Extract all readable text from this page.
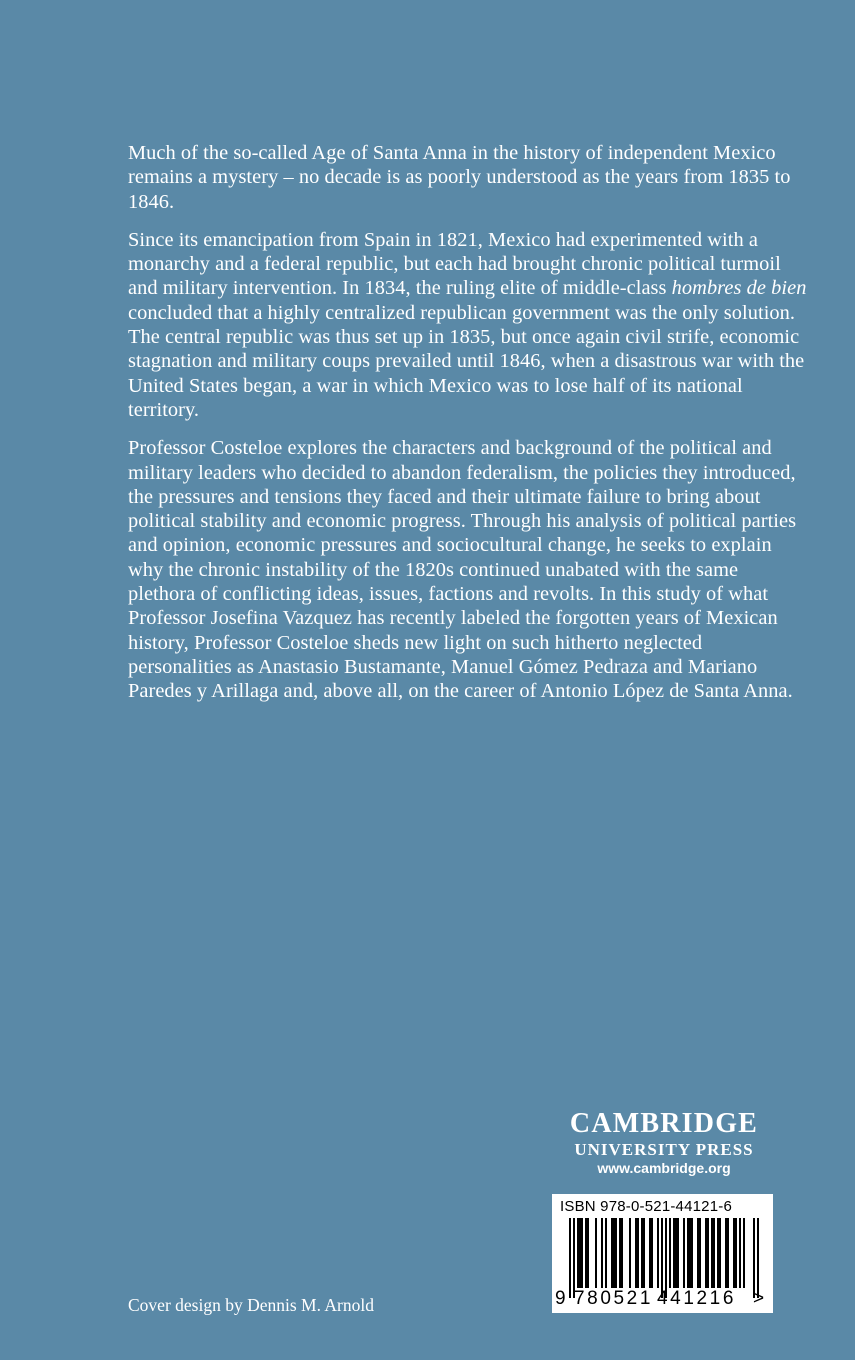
Much of the so-called Age of Santa Anna in the history of independent Mexico remains a mystery – no decade is as poorly understood as the years from 1835 to 1846.

Since its emancipation from Spain in 1821, Mexico had experimented with a monarchy and a federal republic, but each had brought chronic political turmoil and military intervention. In 1834, the ruling elite of middle-class hombres de bien concluded that a highly centralized republican government was the only solution. The central republic was thus set up in 1835, but once again civil strife, economic stagnation and military coups prevailed until 1846, when a disastrous war with the United States began, a war in which Mexico was to lose half of its national territory.

Professor Costeloe explores the characters and background of the political and military leaders who decided to abandon federalism, the policies they introduced, the pressures and tensions they faced and their ultimate failure to bring about political stability and economic progress. Through his analysis of political parties and opinion, economic pressures and sociocultural change, he seeks to explain why the chronic instability of the 1820s continued unabated with the same plethora of conflicting ideas, issues, factions and revolts. In this study of what Professor Josefina Vazquez has recently labeled the forgotten years of Mexican history, Professor Costeloe sheds new light on such hitherto neglected personalities as Anastasio Bustamante, Manuel Gómez Pedraza and Mariano Paredes y Arillaga and, above all, on the career of Antonio López de Santa Anna.

CAMBRIDGE
UNIVERSITY PRESS
www.cambridge.org
ISBN 978-0-521-44121-6
9 780521 441216 >
Cover design by Dennis M. Arnold
